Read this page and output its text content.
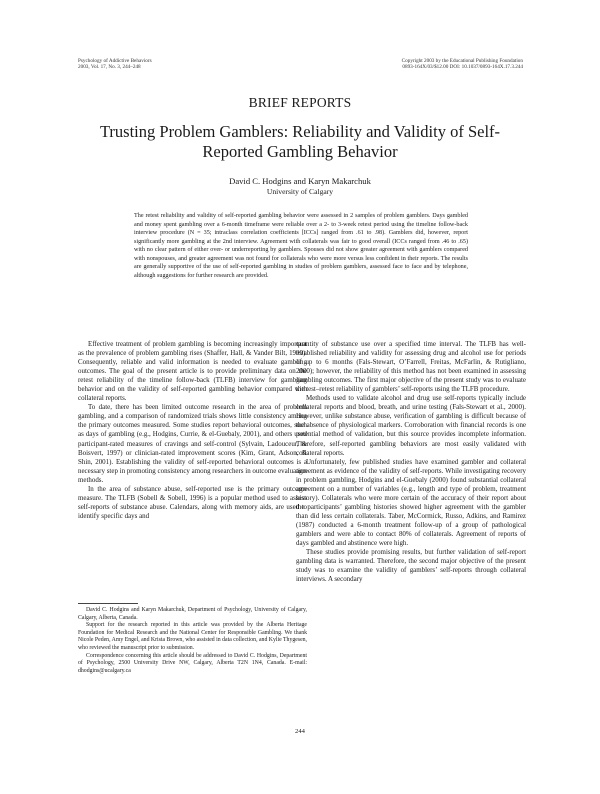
Psychology of Addictive Behaviors
2003, Vol. 17, No. 3, 244–248
Copyright 2003 by the Educational Publishing Foundation
0893-164X/03/$12.00 DOI: 10.1037/0893-164X.17.3.244
BRIEF REPORTS
Trusting Problem Gamblers: Reliability and Validity of Self-Reported Gambling Behavior
David C. Hodgins and Karyn Makarchuk
University of Calgary
The retest reliability and validity of self-reported gambling behavior were assessed in 2 samples of problem gamblers. Days gambled and money spent gambling over a 6-month timeframe were reliable over a 2- to 3-week retest period using the timeline follow-back interview procedure (N = 35; intraclass correlation coefficients [ICCs] ranged from .61 to .98). Gamblers did, however, report significantly more gambling at the 2nd interview. Agreement with collaterals was fair to good overall (ICCs ranged from .46 to .65) with no clear pattern of either over- or underreporting by gamblers. Spouses did not show greater agreement with gamblers compared with nonspouses, and greater agreement was not found for collaterals who were more versus less confident in their reports. The results are generally supportive of the use of self-reported gambling in studies of problem gamblers, assessed face to face and by telephone, although suggestions for further research are provided.

Effective treatment of problem gambling is becoming increasingly important as the prevalence of problem gambling rises (Shaffer, Hall, & Vander Bilt, 1999). Consequently, reliable and valid information is needed to evaluate gambling outcomes. The goal of the present article is to provide preliminary data on the retest reliability of the timeline follow-back (TLFB) interview for gambling behavior and on the validity of self-reported gambling behavior compared with collateral reports.

To date, there has been limited outcome research in the area of problem gambling, and a comparison of randomized trials shows little consistency among the primary outcomes measured. Some studies report behavioral outcomes, such as days of gambling (e.g., Hodgins, Currie, & el-Guebaly, 2001), and others used participant-rated measures of cravings and self-control (Sylvain, Ladouceur, & Boisvert, 1997) or clinician-rated improvement scores (Kim, Grant, Adson, & Shin, 2001). Establishing the validity of self-reported behavioral outcomes is a necessary step in promoting consistency among researchers in outcome evaluation methods.

In the area of substance abuse, self-reported use is the primary outcome measure. The TLFB (Sobell & Sobell, 1996) is a popular method used to assess self-reports of substance abuse. Calendars, along with memory aids, are used to identify specific days and

quantity of substance use over a specified time interval. The TLFB has well-established reliability and validity for assessing drug and alcohol use for periods of up to 6 months (Fals-Stewart, O’Farrell, Freitas, McFarlin, & Rutigliano, 2000); however, the reliability of this method has not been examined in assessing gambling outcomes. The first major objective of the present study was to evaluate the test–retest reliability of gamblers’ self-reports using the TLFB procedure.

Methods used to validate alcohol and drug use self-reports typically include collateral reports and blood, breath, and urine testing (Fals-Stewart et al., 2000). However, unlike substance abuse, verification of gambling is difficult because of the absence of physiological markers. Corroboration with financial records is one potential method of validation, but this source provides incomplete information. Therefore, self-reported gambling behaviors are most easily validated with collateral reports.

Unfortunately, few published studies have examined gambler and collateral agreement as evidence of the validity of self-reports. While investigating recovery in problem gambling, Hodgins and el-Guebaly (2000) found substantial collateral agreement on a number of variables (e.g., length and type of problem, treatment history). Collaterals who were more certain of the accuracy of their report about the participants’ gambling histories showed higher agreement with the gambler than did less certain collaterals. Taber, McCormick, Russo, Adkins, and Ramirez (1987) conducted a 6-month treatment follow-up of a group of pathological gamblers and were able to contact 80% of collaterals. Agreement of reports of days gambled and abstinence were high.

These studies provide promising results, but further validation of self-report gambling data is warranted. Therefore, the second major objective of the present study was to examine the validity of gamblers’ self-reports through collateral interviews. A secondary

David C. Hodgins and Karyn Makarchuk, Department of Psychology, University of Calgary, Calgary, Alberta, Canada.

Support for the research reported in this article was provided by the Alberta Heritage Foundation for Medical Research and the National Center for Responsible Gambling. We thank Nicole Peden, Amy Engel, and Krista Brown, who assisted in data collection, and Kylie Thygesen, who reviewed the manuscript prior to submission.

Correspondence concerning this article should be addressed to David C. Hodgins, Department of Psychology, 2500 University Drive NW, Calgary, Alberta T2N 1N4, Canada. E-mail: dhodgins@ucalgary.ca

244
